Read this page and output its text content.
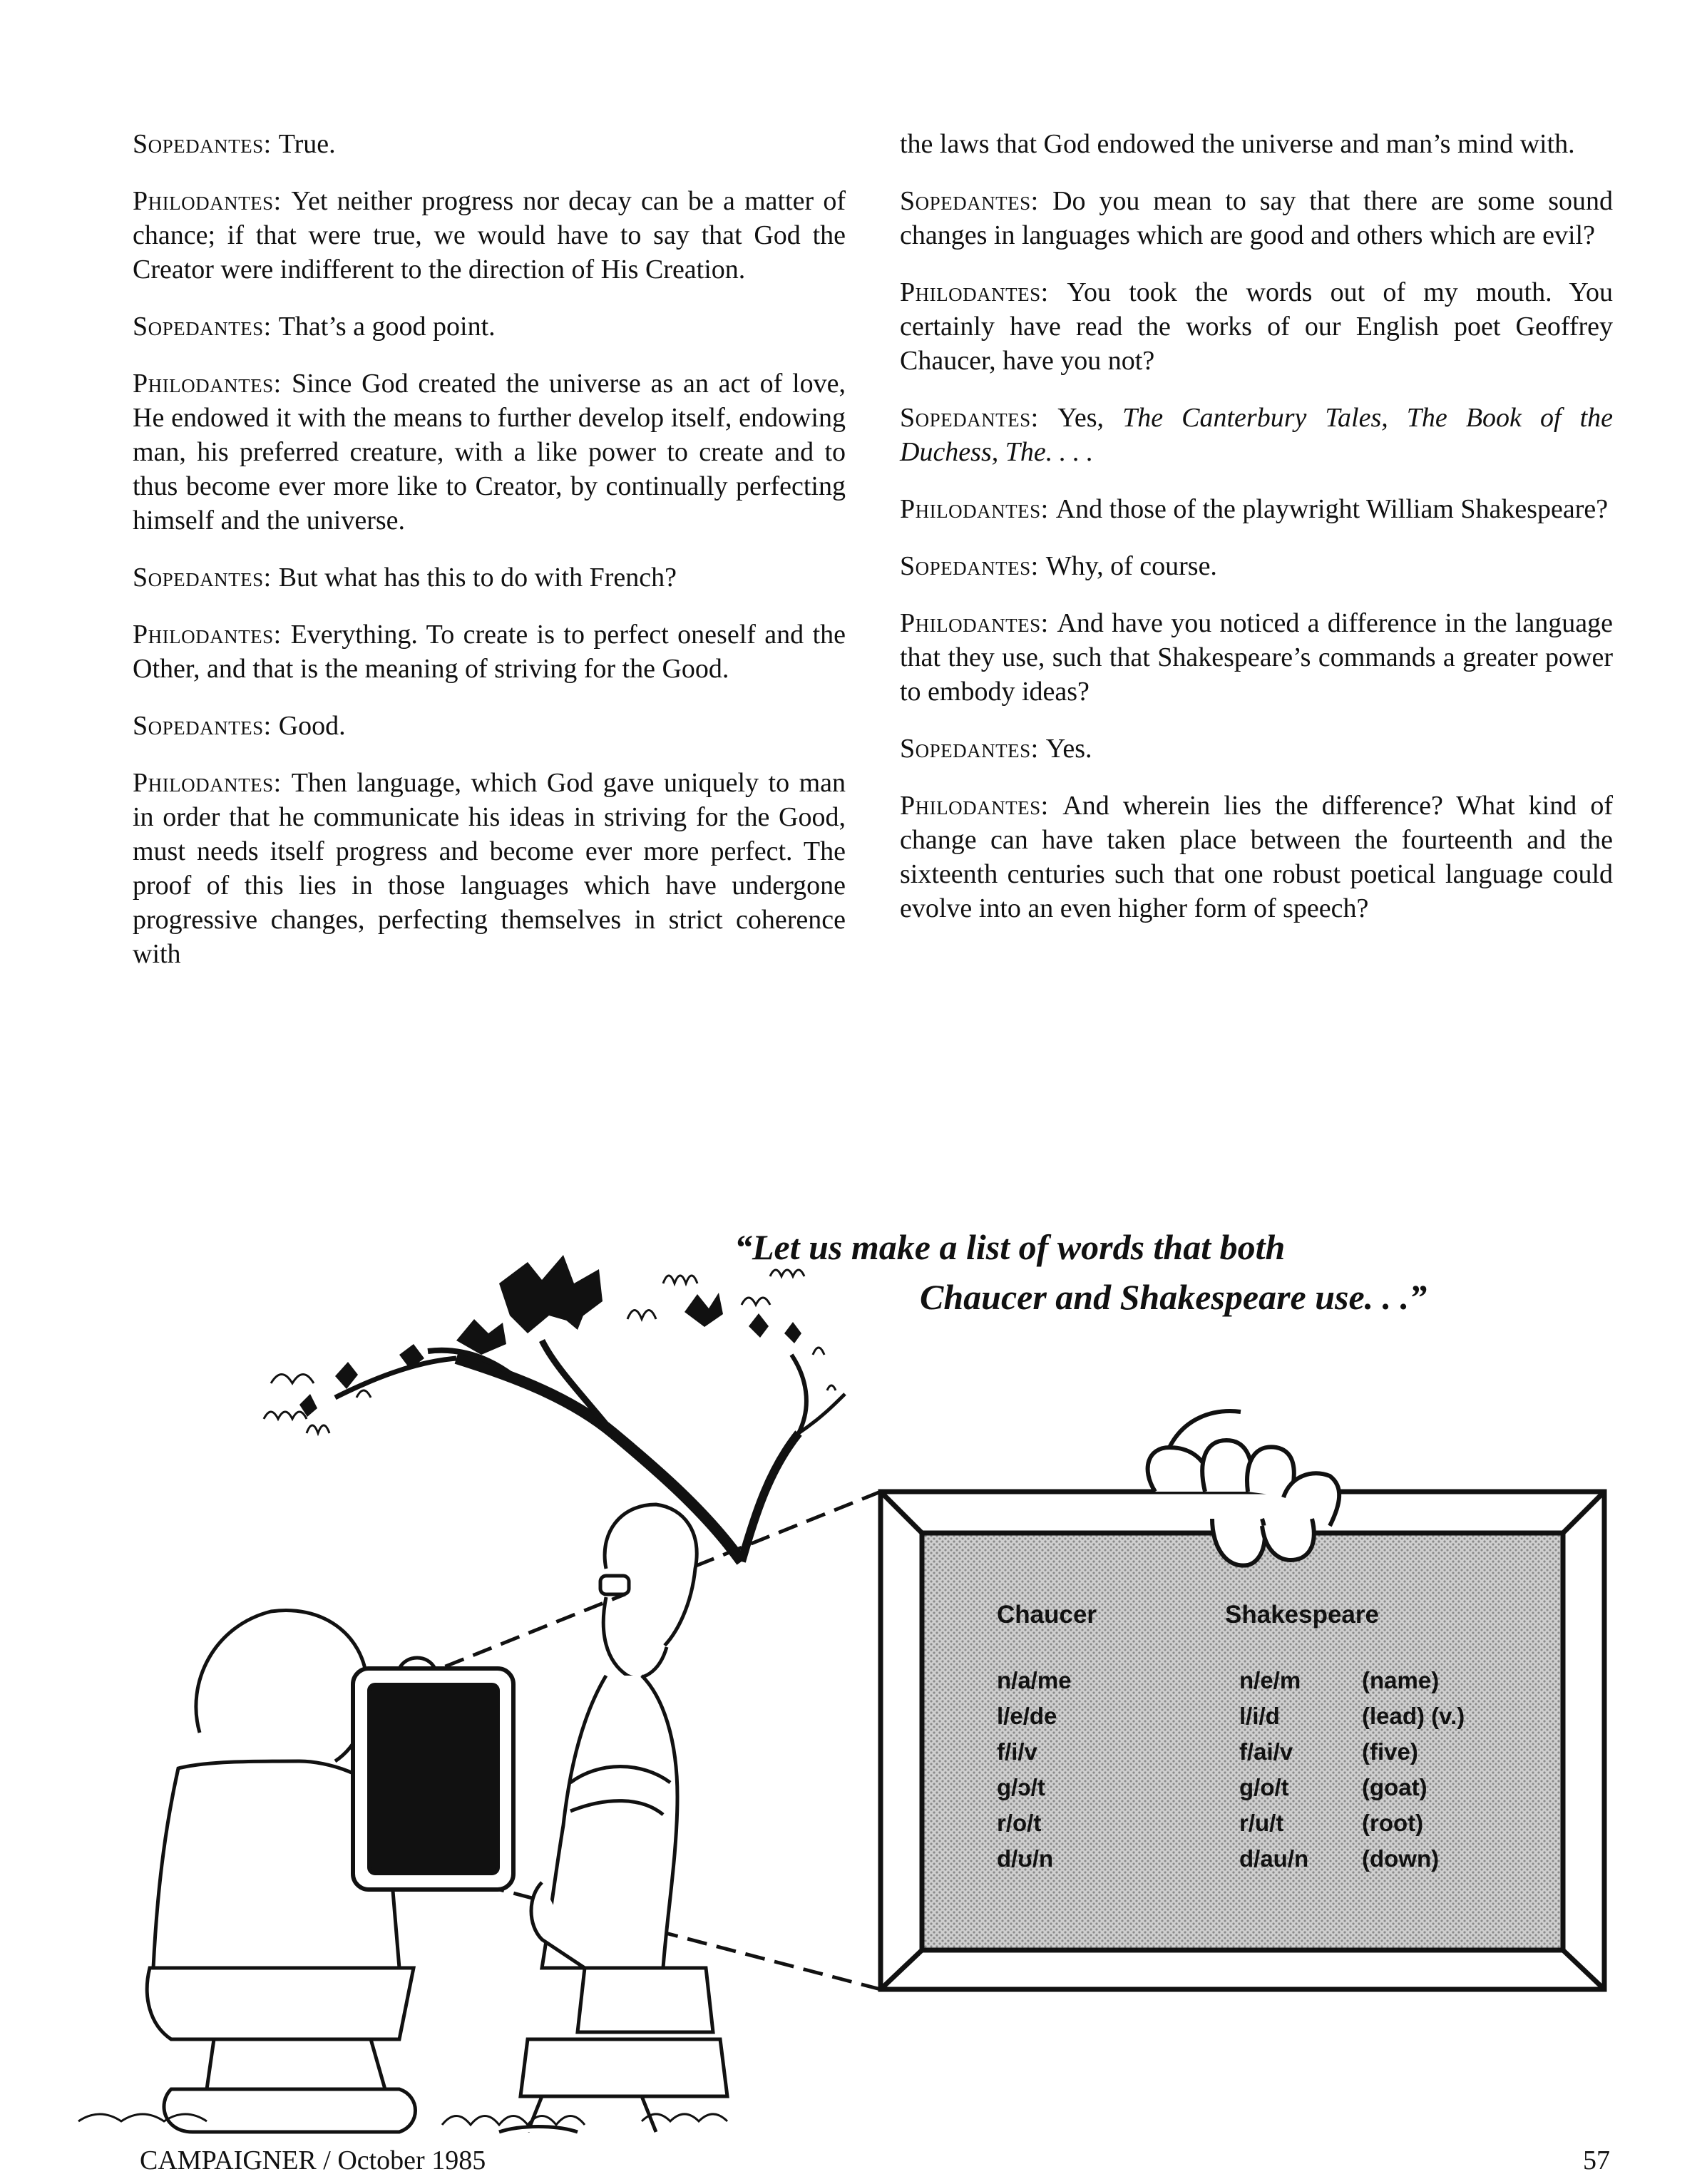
Sopedantes : True.

Philodantes : Yet neither progress nor decay can be a matter of chance; if that were true, we would have to say that God the Creator were indifferent to the direction of His Creation.

Sopedantes : That’s a good point.

Philodantes : Since God created the universe as an act of love, He endowed it with the means to further develop itself, endowing man, his preferred creature, with a like power to create and to thus become ever more like to Creator, by continually perfecting himself and the universe.

Sopedantes : But what has this to do with French?

Philodantes : Everything. To create is to perfect oneself and the Other, and that is the meaning of striving for the Good.

Sopedantes : Good.

Philodantes : Then language, which God gave uniquely to man in order that he communicate his ideas in striving for the Good, must needs itself progress and become ever more perfect. The proof of this lies in those languages which have undergone progressive changes, perfecting themselves in strict coherence with

the laws that God endowed the universe and man’s mind with.

Sopedantes : Do you mean to say that there are some sound changes in languages which are good and others which are evil?

Philodantes : You took the words out of my mouth. You certainly have read the works of our English poet Geoffrey Chaucer, have you not?

Sopedantes : Yes, The Canterbury Tales, The Book of the Duchess, The. . . .

Philodantes : And those of the playwright William Shakespeare?

Sopedantes : Why, of course.

Philodantes : And have you noticed a difference in the language that they use, such that Shakespeare’s commands a greater power to embody ideas?

Sopedantes : Yes.

Philodantes : And wherein lies the difference? What kind of change can have taken place between the fourteenth and the sixteenth centuries such that one robust poetical language could evolve into an even higher form of speech?

“Let us make a list of words that both
Chaucer and Shakespeare use. . .”
Chaucer	Shakespeare
n/a/me	n/e/m	(name)
l/e/de	l/i/d	(lead) (v.)
f/i/v	f/ai/v	(five)
g/ɔ/t	g/o/t	(goat)
r/o/t	r/u/t	(root)
d/ʊ/n	d/au/n (down)
CAMPAIGNER / October 1985	57
